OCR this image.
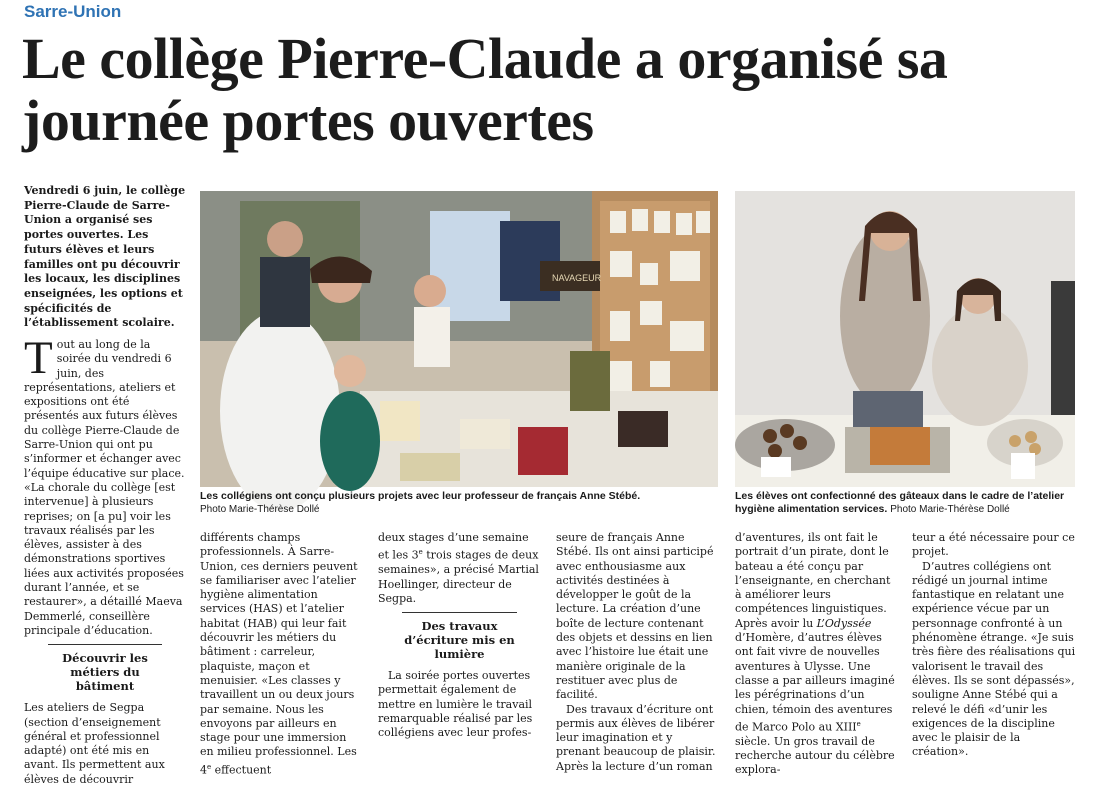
Sarre-Union
Le collège Pierre-Claude a organisé sa journée portes ouvertes

Vendredi 6 juin, le collège Pierre-Claude de Sarre-Union a organisé ses portes ouvertes. Les futurs élèves et leurs familles ont pu découvrir les locaux, les disciplines enseignées, les options et spécificités de l’établissement scolaire.

Tout au long de la soirée du vendredi 6 juin, des représentations, ateliers et expositions ont été présentés aux futurs élèves du collège Pierre-Claude de Sarre-Union qui ont pu s’informer et échanger avec l’équipe éducative sur place. «La chorale du collège [est intervenue] à plusieurs reprises; on [a pu] voir les travaux réalisés par les élèves, assister à des démonstrations sportives liées aux activités proposées durant l’année, et se restaurer», a détaillé Maeva Demmerlé, conseillère principale d’éducation.

Découvrir les métiers du bâtiment

Les ateliers de Segpa (section d’enseignement général et professionnel adapté) ont été mis en avant. Ils permettent aux élèves de découvrir

NAVAGEUR
Les collégiens ont conçu plusieurs projets avec leur professeur de français Anne Stébé.
Photo Marie-Thérèse Dollé
Les élèves ont confectionné des gâteaux dans le cadre de l’atelier hygiène alimentation services. Photo Marie-Thérèse Dollé

différents champs professionnels. À Sarre-Union, ces derniers peuvent se familiariser avec l’atelier hygiène alimentation services (HAS) et l’atelier habitat (HAB) qui leur fait découvrir les métiers du bâtiment : carreleur, plaquiste, maçon et menuisier. «Les classes y travaillent un ou deux jours par semaine. Nous les envoyons par ailleurs en stage pour une immersion en milieu professionnel. Les 4e effectuent

deux stages d’une semaine et les 3e trois stages de deux semaines», a précisé Martial Hoellinger, directeur de Segpa.

Des travaux d’écriture mis en lumière

La soirée portes ouvertes permettait également de mettre en lumière le travail remarquable réalisé par les collégiens avec leur profes-

seure de français Anne Stébé. Ils ont ainsi participé avec enthousiasme aux activités destinées à développer le goût de la lecture. La création d’une boîte de lecture contenant des objets et dessins en lien avec l’histoire lue était une manière originale de la restituer avec plus de facilité.

Des travaux d’écriture ont permis aux élèves de libérer leur imagination et y prenant beaucoup de plaisir. Après la lecture d’un roman

d’aventures, ils ont fait le portrait d’un pirate, dont le bateau a été conçu par l’enseignante, en cherchant à améliorer leurs compétences linguistiques. Après avoir lu L’Odyssée d’Homère, d’autres élèves ont fait vivre de nouvelles aventures à Ulysse. Une classe a par ailleurs imaginé les pérégrinations d’un chien, témoin des aventures de Marco Polo au XIIIe siècle. Un gros travail de recherche autour du célèbre explora-

teur a été nécessaire pour ce projet.

D’autres collégiens ont rédigé un journal intime fantastique en relatant une expérience vécue par un personnage confronté à un phénomène étrange. «Je suis très fière des réalisations qui valorisent le travail des élèves. Ils se sont dépassés», souligne Anne Stébé qui a relevé le défi «d’unir les exigences de la discipline avec le plaisir de la création».
